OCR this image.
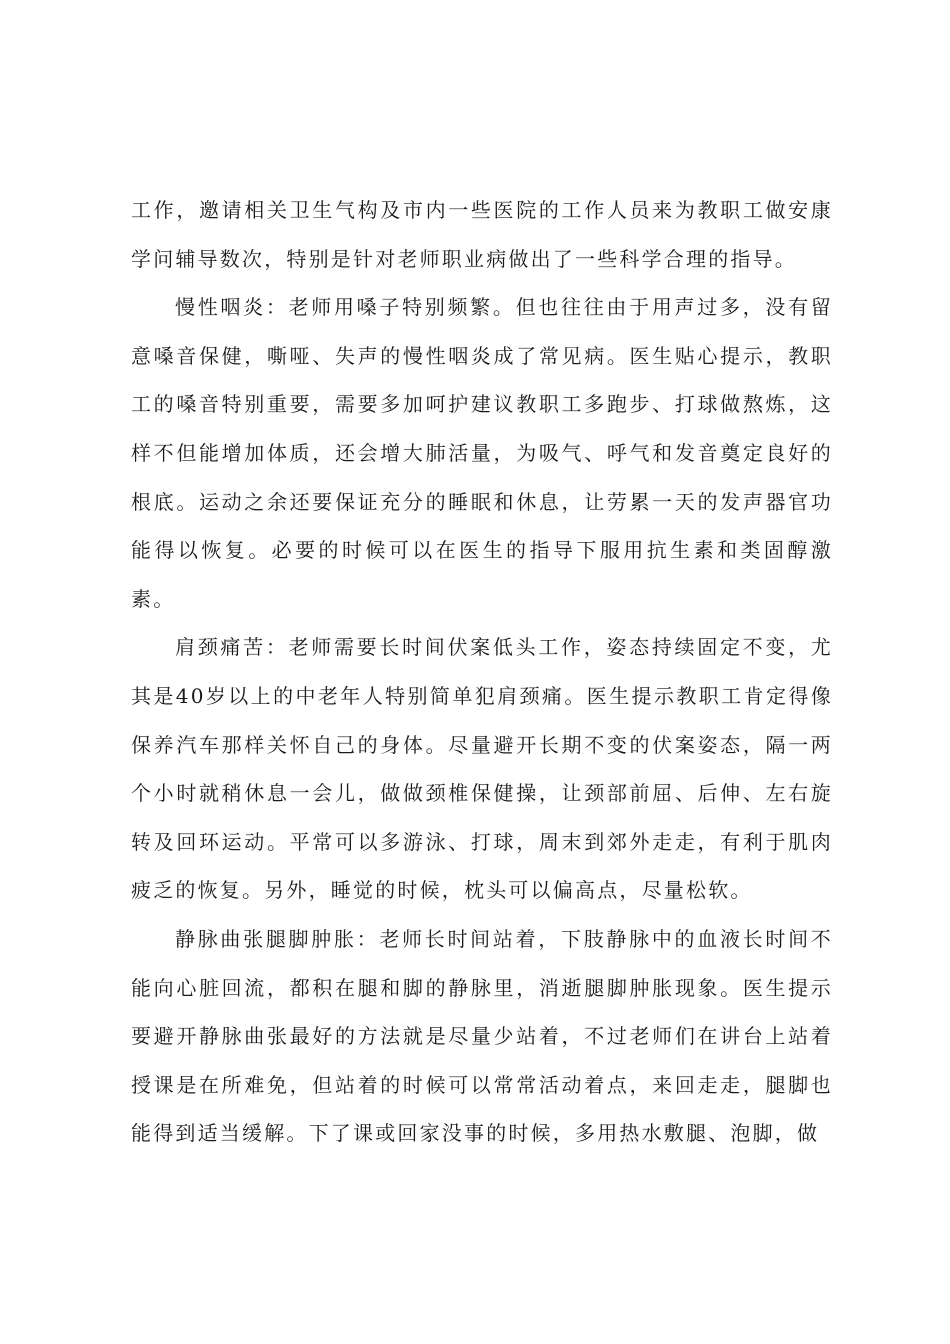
工作，邀请相关卫生气构及市内一些医院的工作人员来为教职工做安康学问辅导数次，特别是针对老师职业病做出了一些科学合理的指导。

慢性咽炎：老师用嗓子特别频繁。但也往往由于用声过多，没有留意嗓音保健，嘶哑、失声的慢性咽炎成了常见病。医生贴心提示，教职工的嗓音特别重要，需要多加呵护建议教职工多跑步、打球做熬炼，这样不但能增加体质，还会增大肺活量，为吸气、呼气和发音奠定良好的根底。运动之余还要保证充分的睡眠和休息，让劳累一天的发声器官功能得以恢复。必要的时候可以在医生的指导下服用抗生素和类固醇激素。

肩颈痛苦：老师需要长时间伏案低头工作，姿态持续固定不变，尤其是40岁以上的中老年人特别简单犯肩颈痛。医生提示教职工肯定得像保养汽车那样关怀自己的身体。尽量避开长期不变的伏案姿态，隔一两个小时就稍休息一会儿，做做颈椎保健操，让颈部前屈、后伸、左右旋转及回环运动。平常可以多游泳、打球，周末到郊外走走，有利于肌肉疲乏的恢复。另外，睡觉的时候，枕头可以偏高点，尽量松软。

静脉曲张腿脚肿胀：老师长时间站着，下肢静脉中的血液长时间不能向心脏回流，都积在腿和脚的静脉里，消逝腿脚肿胀现象。医生提示要避开静脉曲张最好的方法就是尽量少站着，不过老师们在讲台上站着授课是在所难免，但站着的时候可以常常活动着点，来回走走，腿脚也能得到适当缓解。下了课或回家没事的时候，多用热水敷腿、泡脚，做
